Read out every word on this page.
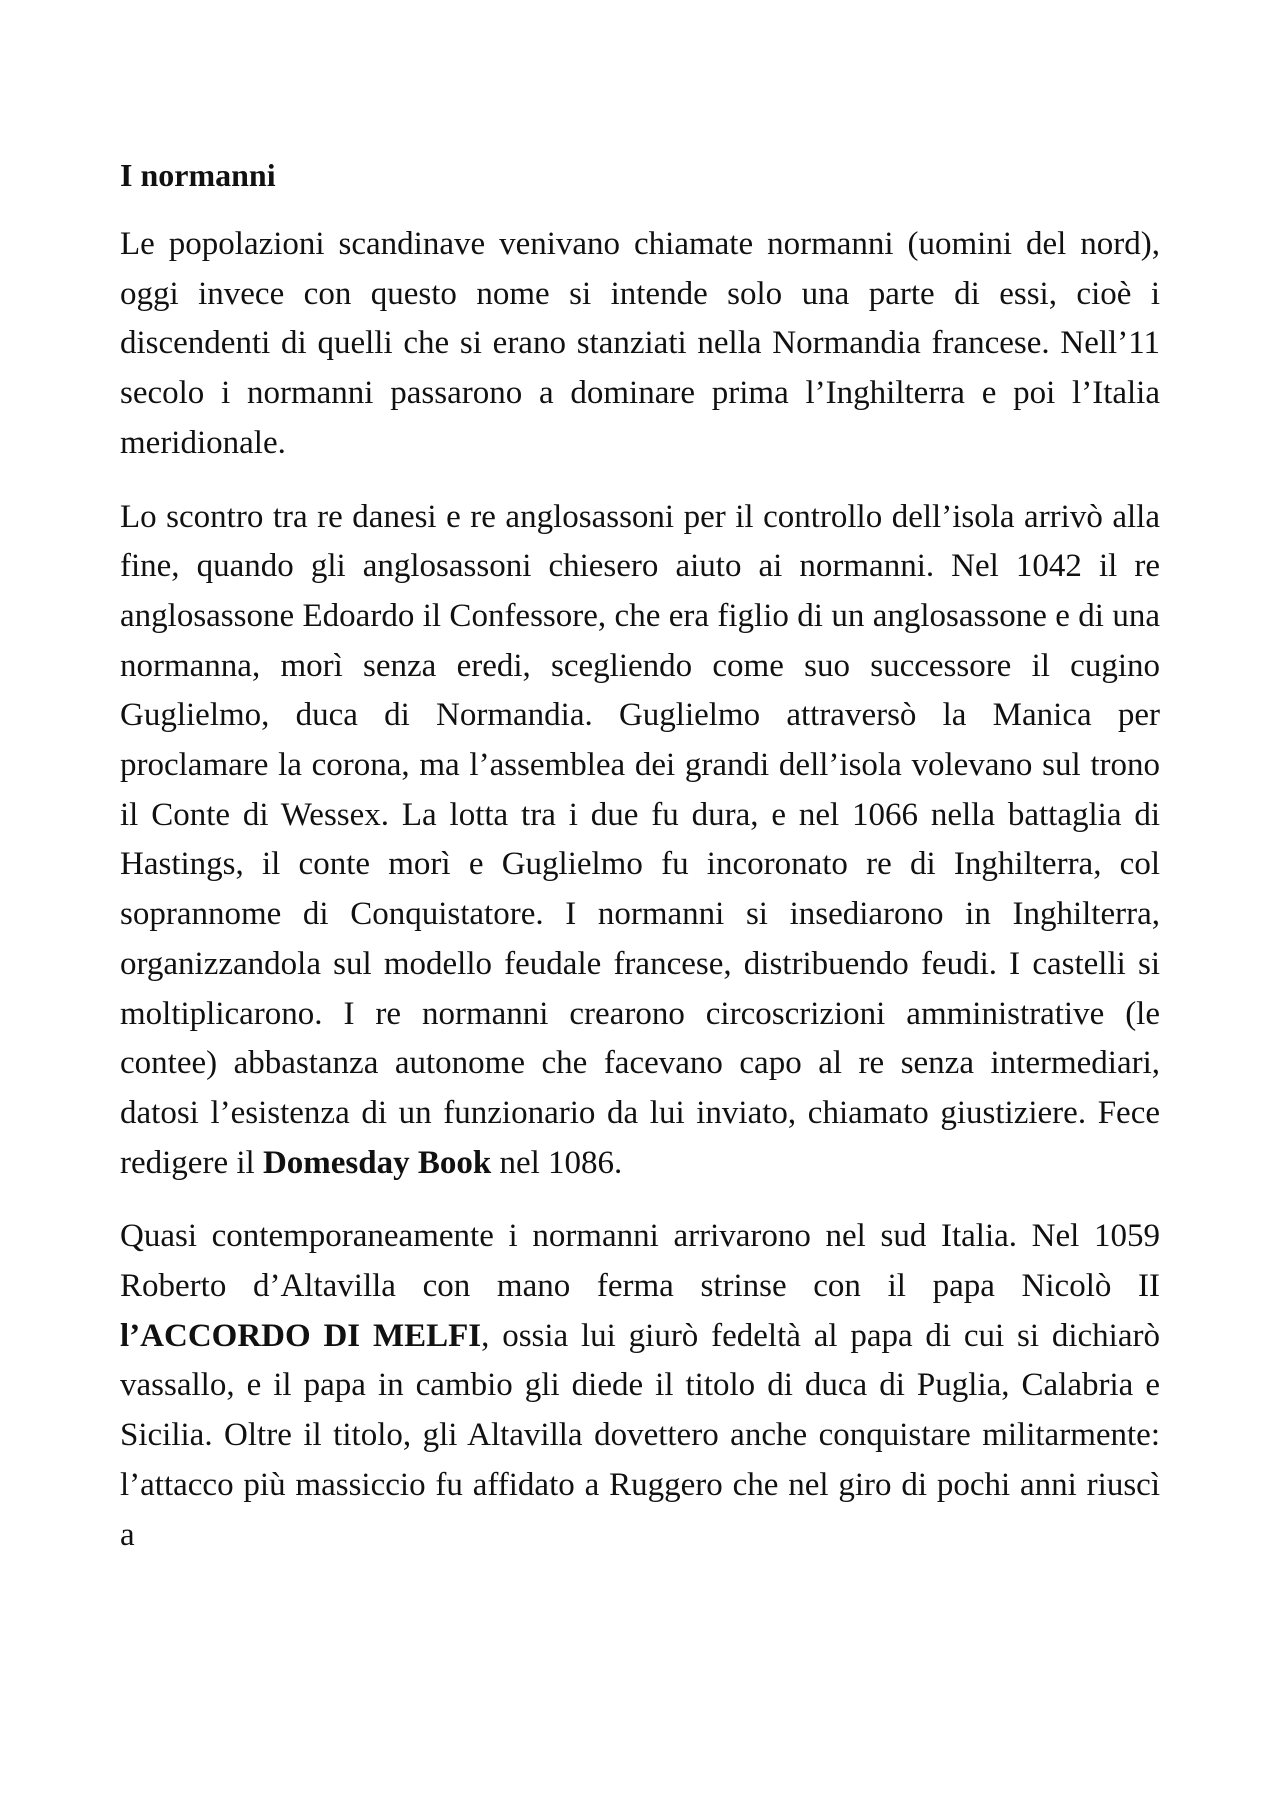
I normanni

Le popolazioni scandinave venivano chiamate normanni (uomini del nord), oggi invece con questo nome si intende solo una parte di essi, cioè i discendenti di quelli che si erano stanziati nella Normandia francese. Nell’11 secolo i normanni passarono a dominare prima l’Inghilterra e poi l’Italia meridionale.

Lo scontro tra re danesi e re anglosassoni per il controllo dell’isola arrivò alla fine, quando gli anglosassoni chiesero aiuto ai normanni. Nel 1042 il re anglosassone Edoardo il Confessore, che era figlio di un anglosassone e di una normanna, morì senza eredi, scegliendo come suo successore il cugino Guglielmo, duca di Normandia. Guglielmo attraversò la Manica per proclamare la corona, ma l’assemblea dei grandi dell’isola volevano sul trono il Conte di Wessex. La lotta tra i due fu dura, e nel 1066 nella battaglia di Hastings, il conte morì e Guglielmo fu incoronato re di Inghilterra, col soprannome di Conquistatore. I normanni si insediarono in Inghilterra, organizzandola sul modello feudale francese, distribuendo feudi. I castelli si moltiplicarono. I re normanni crearono circoscrizioni amministrative (le contee) abbastanza autonome che facevano capo al re senza intermediari, datosi l’esistenza di un funzionario da lui inviato, chiamato giustiziere. Fece redigere il Domesday Book nel 1086.

Quasi contemporaneamente i normanni arrivarono nel sud Italia. Nel 1059 Roberto d’Altavilla con mano ferma strinse con il papa Nicolò II l’ACCORDO DI MELFI, ossia lui giurò fedeltà al papa di cui si dichiarò vassallo, e il papa in cambio gli diede il titolo di duca di Puglia, Calabria e Sicilia. Oltre il titolo, gli Altavilla dovettero anche conquistare militarmente: l’attacco più massiccio fu affidato a Ruggero che nel giro di pochi anni riuscì a
